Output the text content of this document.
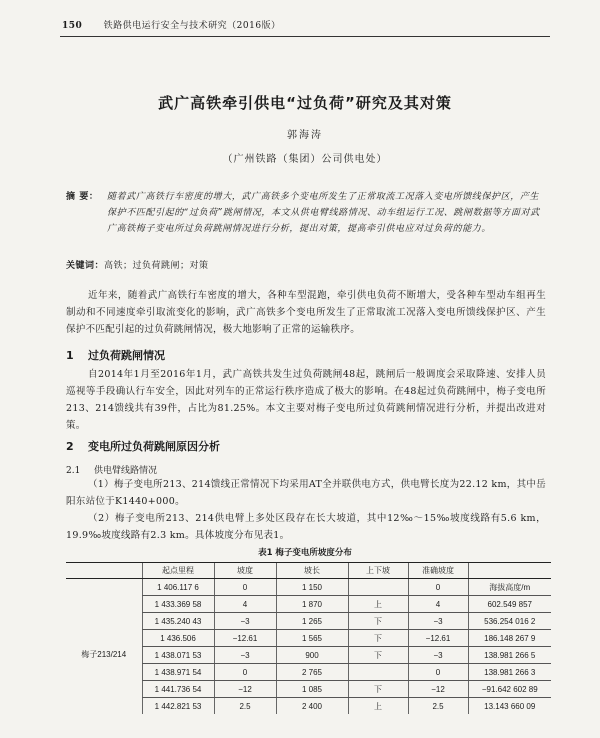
150 铁路供电运行安全与技术研究（2016版）
武广高铁牵引供电“过负荷”研究及其对策
郭海涛
（广州铁路（集团）公司供电处）
摘 要： 随着武广高铁行车密度的增大，武广高铁多个变电所发生了正常取流工况落入变电所馈线保护区，产生保护不匹配引起的“过负荷”跳闸情况，本文从供电臂线路情况、动车组运行工况、跳闸数据等方面对武广高铁梅子变电所过负荷跳闸情况进行分析，提出对策，提高牵引供电应对过负荷的能力。
关键词：高铁；过负荷跳闸；对策
近年来，随着武广高铁行车密度的增大，各种车型混跑，牵引供电负荷不断增大，受各种车型动车组再生制动和不同速度牵引取流变化的影响，武广高铁多个变电所发生了正常取流工况落入变电所馈线保护区、产生保护不匹配引起的过负荷跳闸情况，极大地影响了正常的运输秩序。
1 过负荷跳闸情况
自2014年1月至2016年1月，武广高铁共发生过负荷跳闸48起，跳闸后一般调度会采取降速、安排人员巡视等手段确认行车安全，因此对列车的正常运行秩序造成了极大的影响。在48起过负荷跳闸中，梅子变电所213、214馈线共有39件，占比为81.25%。本文主要对梅子变电所过负荷跳闸情况进行分析，并提出改进对策。
2 变电所过负荷跳闸原因分析
2.1 供电臂线路情况
（1）梅子变电所213、214馈线正常情况下均采用AT全并联供电方式，供电臂长度为22.12 km，其中岳阳东站位于K1440+000。
（2）梅子变电所213、214供电臂上多处区段存在长大坡道，其中12‰～15‰坡度线路有5.6 km，19.9‰坡度线路有2.3 km。具体坡度分布见表1。
表1 梅子变电所坡度分布
	起点里程	坡度	坡长	上下坡	准确坡度	
	1 406.117 6	0	1 150		0	海拔高度/m
梅子213/214	1 433.369 58	4	1 870	上	4	602.549 857
	1 435.240 43	−3	1 265	下	−3	536.254 016 2
	1 436.506	−12.61	1 565	下	−12.61	186.148 267 9
	1 438.071 53	−3	900	下	−3	138.981 266 5
	1 438.971 54	0	2 765		0	138.981 266 3
	1 441.736 54	−12	1 085	下	−12	−91.642 602 89
	1 442.821 53	2.5	2 400	上	2.5	13.143 660 09
